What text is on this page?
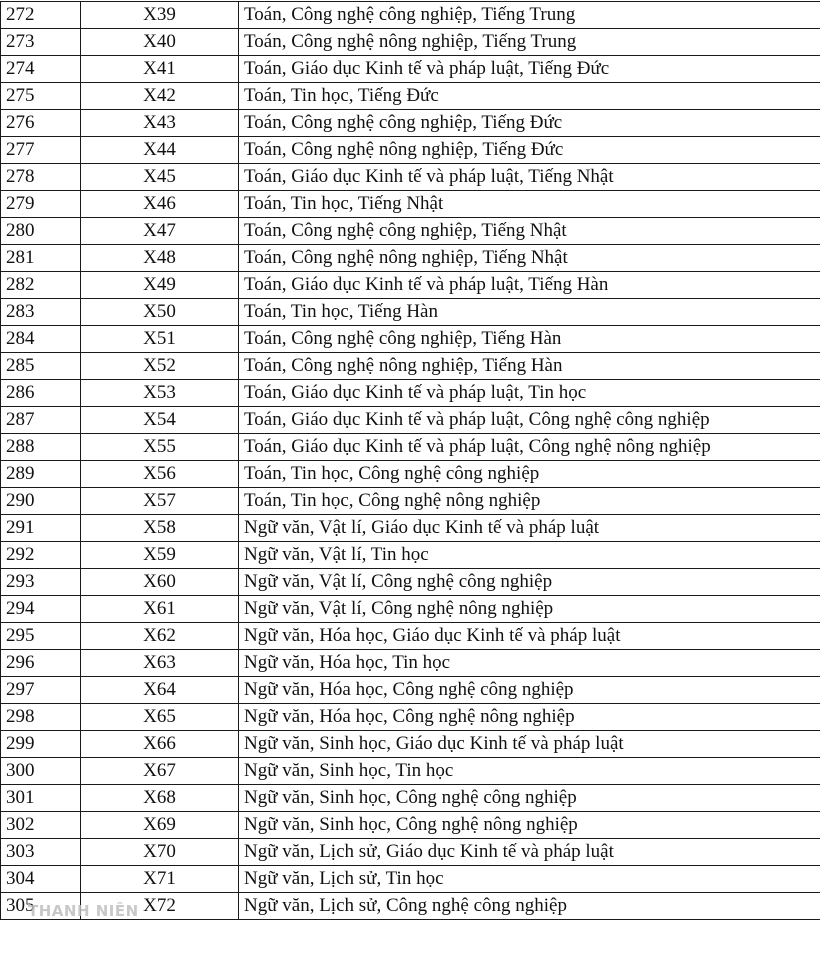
272	X39	Toán, Công nghệ công nghiệp, Tiếng Trung
273	X40	Toán, Công nghệ nông nghiệp, Tiếng Trung
274	X41	Toán, Giáo dục Kinh tế và pháp luật, Tiếng Đức
275	X42	Toán, Tin học, Tiếng Đức
276	X43	Toán, Công nghệ công nghiệp, Tiếng Đức
277	X44	Toán, Công nghệ nông nghiệp, Tiếng Đức
278	X45	Toán, Giáo dục Kinh tế và pháp luật, Tiếng Nhật
279	X46	Toán, Tin học, Tiếng Nhật
280	X47	Toán, Công nghệ công nghiệp, Tiếng Nhật
281	X48	Toán, Công nghệ nông nghiệp, Tiếng Nhật
282	X49	Toán, Giáo dục Kinh tế và pháp luật, Tiếng Hàn
283	X50	Toán, Tin học, Tiếng Hàn
284	X51	Toán, Công nghệ công nghiệp, Tiếng Hàn
285	X52	Toán, Công nghệ nông nghiệp, Tiếng Hàn
286	X53	Toán, Giáo dục Kinh tế và pháp luật, Tin học
287	X54	Toán, Giáo dục Kinh tế và pháp luật, Công nghệ công nghiệp
288	X55	Toán, Giáo dục Kinh tế và pháp luật, Công nghệ nông nghiệp
289	X56	Toán, Tin học, Công nghệ công nghiệp
290	X57	Toán, Tin học, Công nghệ nông nghiệp
291	X58	Ngữ văn, Vật lí, Giáo dục Kinh tế và pháp luật
292	X59	Ngữ văn, Vật lí, Tin học
293	X60	Ngữ văn, Vật lí, Công nghệ công nghiệp
294	X61	Ngữ văn, Vật lí, Công nghệ nông nghiệp
295	X62	Ngữ văn, Hóa học, Giáo dục Kinh tế và pháp luật
296	X63	Ngữ văn, Hóa học, Tin học
297	X64	Ngữ văn, Hóa học, Công nghệ công nghiệp
298	X65	Ngữ văn, Hóa học, Công nghệ nông nghiệp
299	X66	Ngữ văn, Sinh học, Giáo dục Kinh tế và pháp luật
300	X67	Ngữ văn, Sinh học, Tin học
301	X68	Ngữ văn, Sinh học, Công nghệ công nghiệp
302	X69	Ngữ văn, Sinh học, Công nghệ nông nghiệp
303	X70	Ngữ văn, Lịch sử, Giáo dục Kinh tế và pháp luật
304	X71	Ngữ văn, Lịch sử, Tin học
305	X72	Ngữ văn, Lịch sử, Công nghệ công nghiệp
THANH NIÊN
